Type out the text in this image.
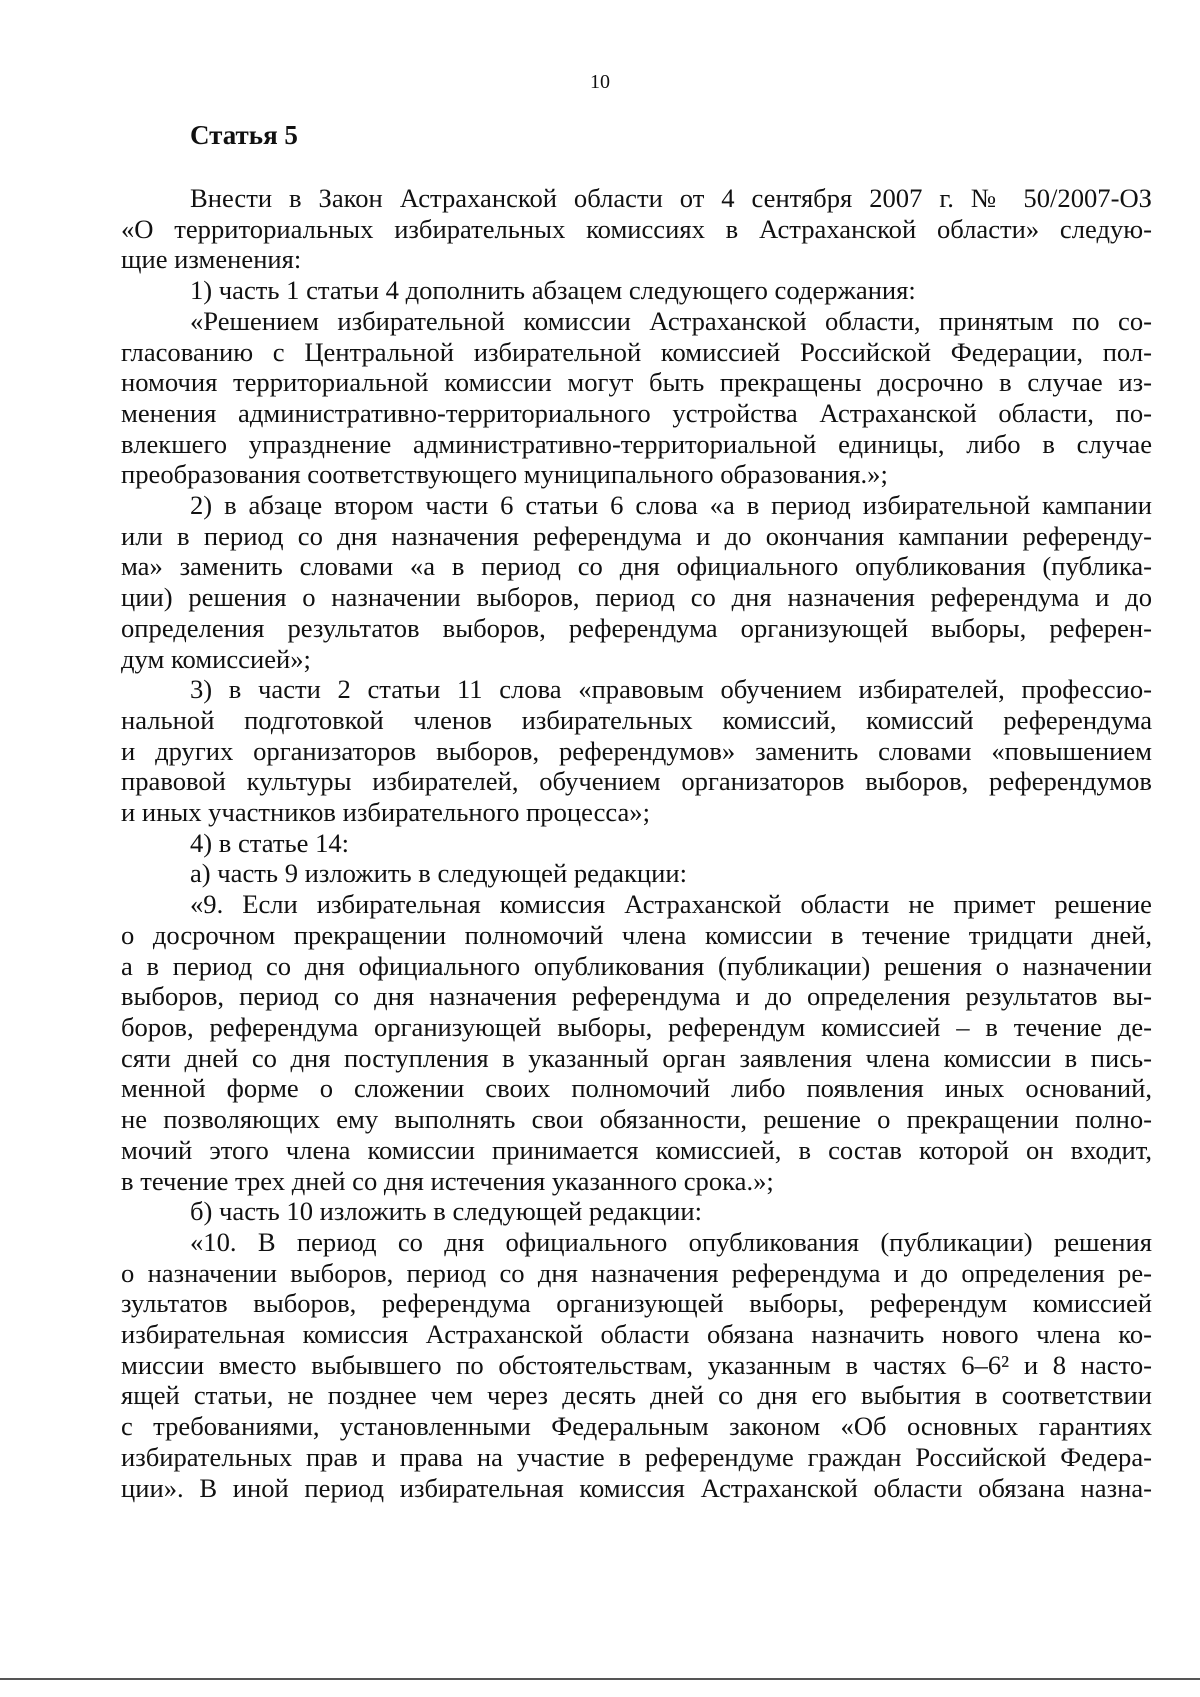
10
Статья 5
Внести в Закон Астраханской области от 4 сентября 2007 г. № 50/2007-ОЗ
«О территориальных избирательных комиссиях в Астраханской области» следую-
щие изменения:
1) часть 1 статьи 4 дополнить абзацем следующего содержания:
«Решением избирательной комиссии Астраханской области, принятым по со-
гласованию с Центральной избирательной комиссией Российской Федерации, пол-
номочия территориальной комиссии могут быть прекращены досрочно в случае из-
менения административно-территориального устройства Астраханской области, по-
влекшего упразднение административно-территориальной единицы, либо в случае
преобразования соответствующего муниципального образования.»;
2) в абзаце втором части 6 статьи 6 слова «а в период избирательной кампании
или в период со дня назначения референдума и до окончания кампании референду-
ма» заменить словами «а в период со дня официального опубликования (публика-
ции) решения о назначении выборов, период со дня назначения референдума и до
определения результатов выборов, референдума организующей выборы, референ-
дум комиссией»;
3) в части 2 статьи 11 слова «правовым обучением избирателей, профессио-
нальной подготовкой членов избирательных комиссий, комиссий референдума
и других организаторов выборов, референдумов» заменить словами «повышением
правовой культуры избирателей, обучением организаторов выборов, референдумов
и иных участников избирательного процесса»;
4) в статье 14:
а) часть 9 изложить в следующей редакции:
«9. Если избирательная комиссия Астраханской области не примет решение
о досрочном прекращении полномочий члена комиссии в течение тридцати дней,
а в период со дня официального опубликования (публикации) решения о назначении
выборов, период со дня назначения референдума и до определения результатов вы-
боров, референдума организующей выборы, референдум комиссией – в течение де-
сяти дней со дня поступления в указанный орган заявления члена комиссии в пись-
менной форме о сложении своих полномочий либо появления иных оснований,
не позволяющих ему выполнять свои обязанности, решение о прекращении полно-
мочий этого члена комиссии принимается комиссией, в состав которой он входит,
в течение трех дней со дня истечения указанного срока.»;
б) часть 10 изложить в следующей редакции:
«10. В период со дня официального опубликования (публикации) решения
о назначении выборов, период со дня назначения референдума и до определения ре-
зультатов выборов, референдума организующей выборы, референдум комиссией
избирательная комиссия Астраханской области обязана назначить нового члена ко-
миссии вместо выбывшего по обстоятельствам, указанным в частях 6–6² и 8 насто-
ящей статьи, не позднее чем через десять дней со дня его выбытия в соответствии
с требованиями, установленными Федеральным законом «Об основных гарантиях
избирательных прав и права на участие в референдуме граждан Российской Федера-
ции». В иной период избирательная комиссия Астраханской области обязана назна-
